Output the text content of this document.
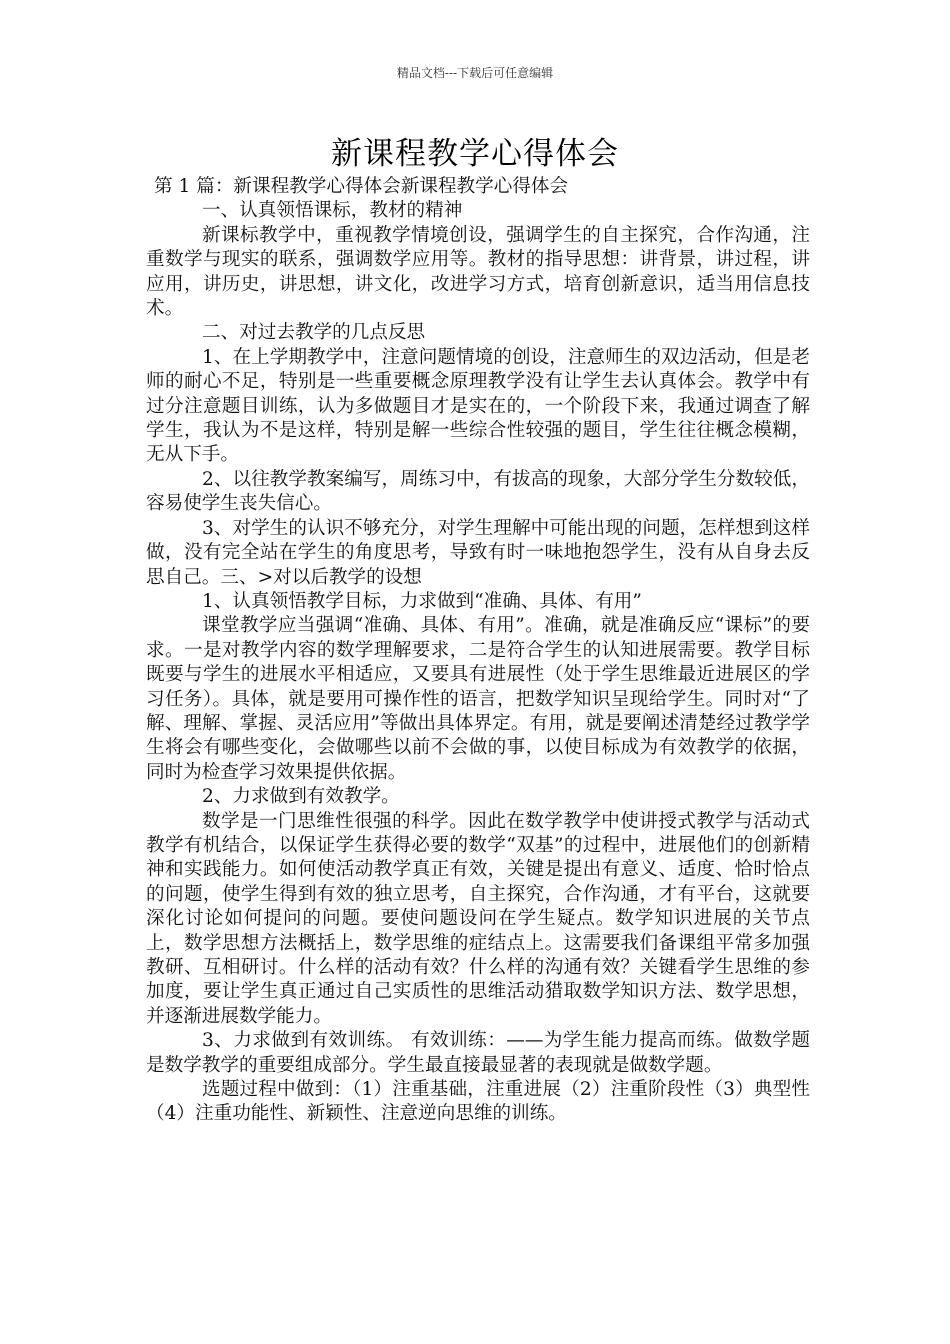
精品文档---下载后可任意编辑
新课程教学心得体会

第 1 篇：新课程教学心得体会新课程教学心得体会

一、认真领悟课标，教材的精神

新课标教学中，重视教学情境创设，强调学生的自主探究，合作沟通，注重数学与现实的联系，强调数学应用等。教材的指导思想：讲背景，讲过程，讲应用，讲历史，讲思想，讲文化，改进学习方式，培育创新意识，适当用信息技术。

二、对过去教学的几点反思

1、在上学期教学中，注意问题情境的创设，注意师生的双边活动，但是老师的耐心不足，特别是一些重要概念原理教学没有让学生去认真体会。教学中有过分注意题目训练，认为多做题目才是实在的，一个阶段下来，我通过调查了解学生，我认为不是这样，特别是解一些综合性较强的题目，学生往往概念模糊，无从下手。

2、以往教学教案编写，周练习中，有拔高的现象，大部分学生分数较低，容易使学生丧失信心。

3、对学生的认识不够充分，对学生理解中可能出现的问题，怎样想到这样做，没有完全站在学生的角度思考，导致有时一味地抱怨学生，没有从自身去反思自己。三、>对以后教学的设想

1、认真领悟教学目标，力求做到“准确、具体、有用”

课堂教学应当强调“准确、具体、有用”。准确，就是准确反应“课标”的要求。一是对教学内容的数学理解要求，二是符合学生的认知进展需要。教学目标既要与学生的进展水平相适应，又要具有进展性（处于学生思维最近进展区的学习任务）。具体，就是要用可操作性的语言，把数学知识呈现给学生。同时对“了解、理解、掌握、灵活应用”等做出具体界定。有用，就是要阐述清楚经过教学学生将会有哪些变化，会做哪些以前不会做的事，以使目标成为有效教学的依据，同时为检查学习效果提供依据。

2、力求做到有效教学。

数学是一门思维性很强的科学。因此在数学教学中使讲授式教学与活动式教学有机结合，以保证学生获得必要的数学“双基”的过程中，进展他们的创新精神和实践能力。如何使活动教学真正有效，关键是提出有意义、适度、恰时恰点的问题，使学生得到有效的独立思考，自主探究，合作沟通，才有平台，这就要深化讨论如何提问的问题。要使问题设问在学生疑点。数学知识进展的关节点上，数学思想方法概括上，数学思维的症结点上。这需要我们备课组平常多加强教研、互相研讨。什么样的活动有效？什么样的沟通有效？关键看学生思维的参加度，要让学生真正通过自己实质性的思维活动猎取数学知识方法、数学思想，并逐渐进展数学能力。

3、力求做到有效训练。 有效训练：——为学生能力提高而练。做数学题是数学教学的重要组成部分。学生最直接最显著的表现就是做数学题。

选题过程中做到：（1）注重基础，注重进展（2）注重阶段性（3）典型性（4）注重功能性、新颖性、注意逆向思维的训练。
